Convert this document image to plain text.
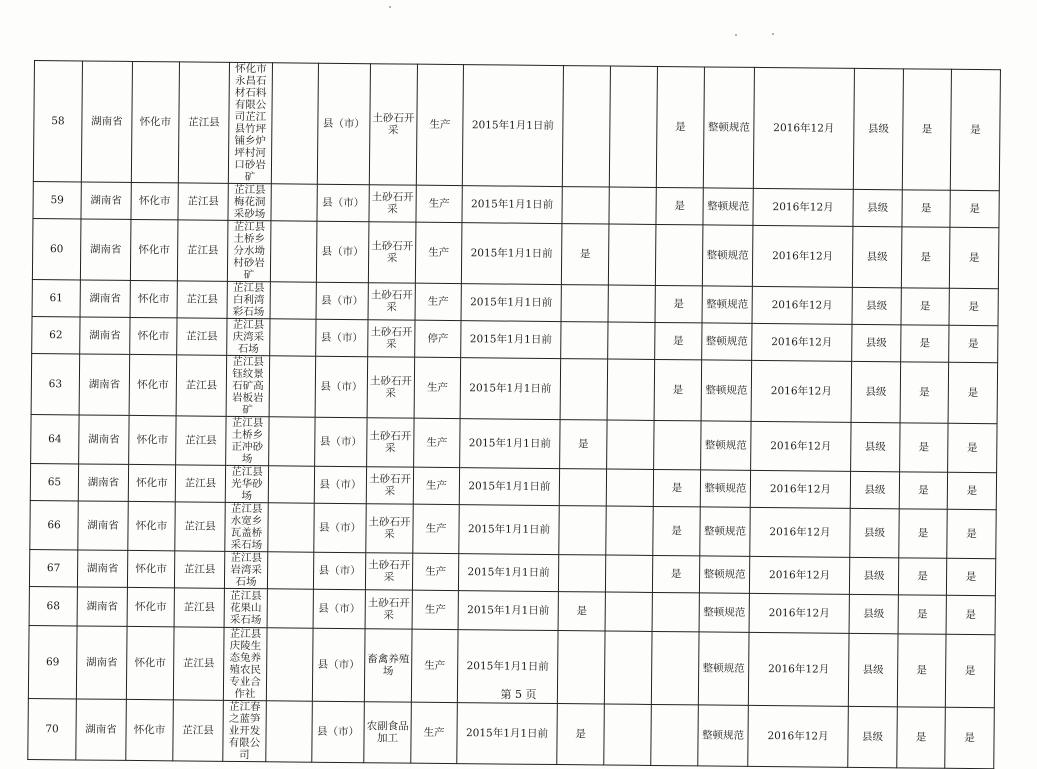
58	湖南省	怀化市	芷江县	怀化市永昌石材石料有限公司芷江县竹坪铺乡炉坪村河口砂岩矿		县（市）	土砂石开采	生产	2015年1月1日前			是	整顿规范	2016年12月	县级	是	是
59	湖南省	怀化市	芷江县	芷江县梅花洞采砂场		县（市）	土砂石开采	生产	2015年1月1日前			是	整顿规范	2016年12月	县级	是	是
60	湖南省	怀化市	芷江县	芷江县土桥乡分水坳村砂岩矿		县（市）	土砂石开采	生产	2015年1月1日前	是			整顿规范	2016年12月	县级	是	是
61	湖南省	怀化市	芷江县	芷江县白利湾彩石场		县（市）	土砂石开采	生产	2015年1月1日前			是	整顿规范	2016年12月	县级	是	是
62	湖南省	怀化市	芷江县	芷江县庆湾采石场		县（市）	土砂石开采	停产	2015年1月1日前			是	整顿规范	2016年12月	县级	是	是
63	湖南省	怀化市	芷江县	芷江县钰纹景石矿高岩板岩矿		县（市）	土砂石开采	生产	2015年1月1日前			是	整顿规范	2016年12月	县级	是	是
64	湖南省	怀化市	芷江县	芷江县土桥乡正冲砂场		县（市）	土砂石开采	生产	2015年1月1日前	是			整顿规范	2016年12月	县级	是	是
65	湖南省	怀化市	芷江县	芷江县光华砂场		县（市）	土砂石开采	生产	2015年1月1日前			是	整顿规范	2016年12月	县级	是	是
66	湖南省	怀化市	芷江县	芷江县水宽乡瓦盖桥采石场		县（市）	土砂石开采	生产	2015年1月1日前			是	整顿规范	2016年12月	县级	是	是
67	湖南省	怀化市	芷江县	芷江县岩湾采石场		县（市）	土砂石开采	生产	2015年1月1日前			是	整顿规范	2016年12月	县级	是	是
68	湖南省	怀化市	芷江县	芷江县花果山采石场		县（市）	土砂石开采	生产	2015年1月1日前	是			整顿规范	2016年12月	县级	是	是
69	湖南省	怀化市	芷江县	芷江县庆陵生态兔养殖农民专业合作社		县（市）	畜禽养殖场	生产	2015年1月1日前				整顿规范	2016年12月	县级	是	是
70	湖南省	怀化市	芷江县	芷江春之蓝笋业开发有限公司		县（市）	农副食品加工	生产	2015年1月1日前	是			整顿规范	2016年12月	县级	是	是
第 5 页
